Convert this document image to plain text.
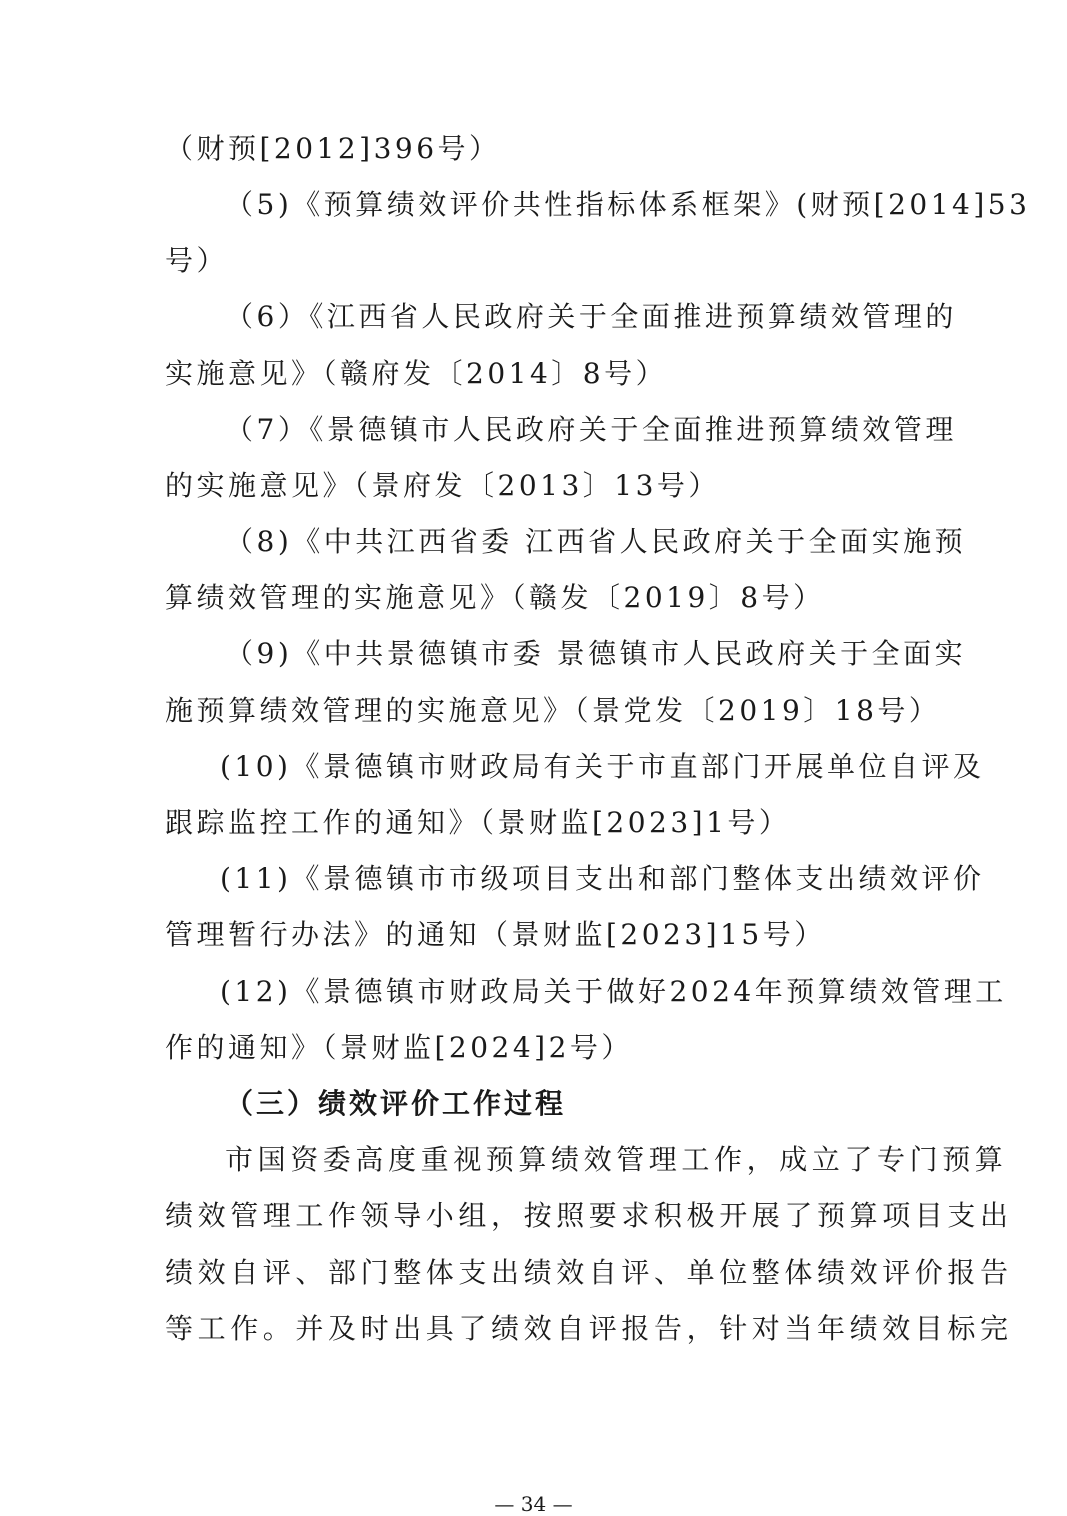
（财预[2012]396号）
（5)《预算绩效评价共性指标体系框架》(财预[2014]53
号）
（6）《江西省人民政府关于全面推进预算绩效管理的
实施意见》（赣府发〔2014〕8号）
（7）《景德镇市人民政府关于全面推进预算绩效管理
的实施意见》（景府发〔2013〕13号）
（8)《中共江西省委 江西省人民政府关于全面实施预
算绩效管理的实施意见》（赣发〔2019〕8号）
（9)《中共景德镇市委 景德镇市人民政府关于全面实
施预算绩效管理的实施意见》（景党发〔2019〕18号）
(10)《景德镇市财政局有关于市直部门开展单位自评及
跟踪监控工作的通知》（景财监[2023]1号）
(11)《景德镇市市级项目支出和部门整体支出绩效评价
管理暂行办法》的通知（景财监[2023]15号）
(12)《景德镇市财政局关于做好2024年预算绩效管理工
作的通知》（景财监[2024]2号）
（三）绩效评价工作过程
市国资委高度重视预算绩效管理工作，成立了专门预算
绩效管理工作领导小组，按照要求积极开展了预算项目支出
绩效自评、部门整体支出绩效自评、单位整体绩效评价报告
等工作。并及时出具了绩效自评报告，针对当年绩效目标完
— 34 —
